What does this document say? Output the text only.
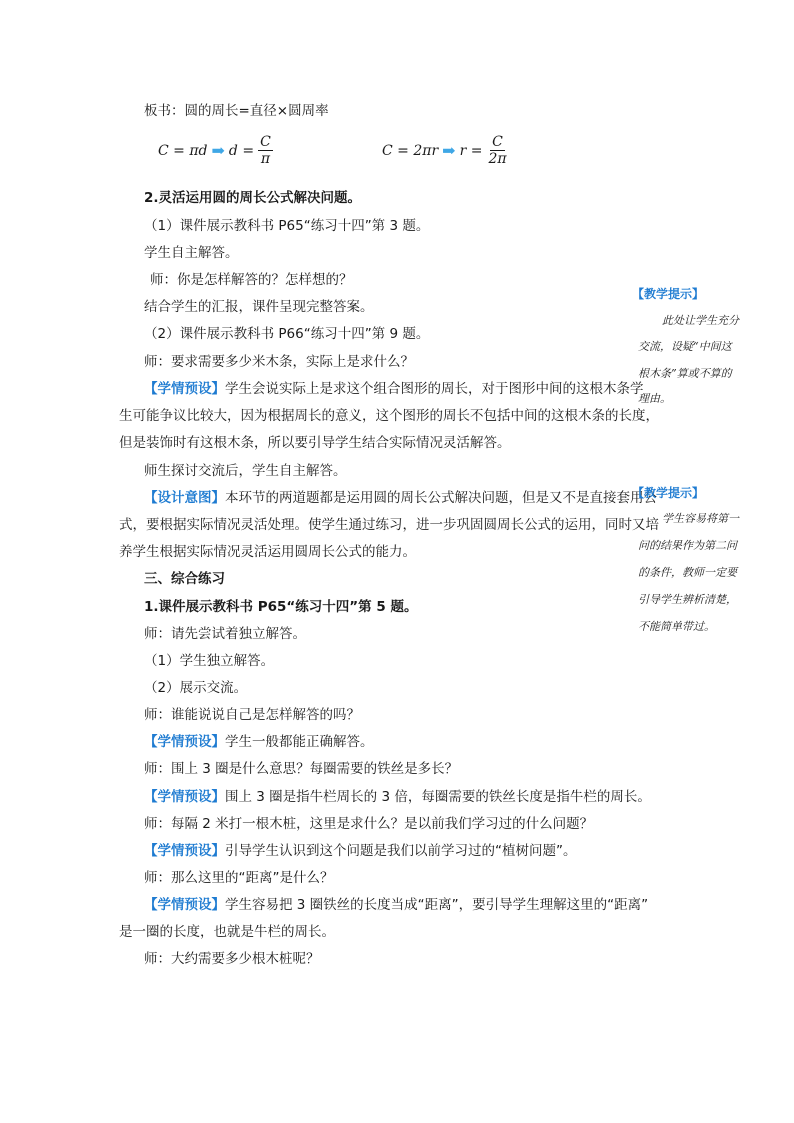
板书：圆的周长=直径×圆周率
C = πd ➡ $d = \frac{C}{\pi}$	C = 2πr ➡ $r = \frac{C}{2\pi}$
2.灵活运用圆的周长公式解决问题。
（1）课件展示教科书 P65“练习十四”第 3 题。
学生自主解答。
师：你是怎样解答的？怎样想的？
结合学生的汇报，课件呈现完整答案。
（2）课件展示教科书 P66“练习十四”第 9 题。
师：要求需要多少米木条，实际上是求什么？
【学情预设】学生会说实际上是求这个组合图形的周长，对于图形中间的这根木条学
生可能争议比较大，因为根据周长的意义，这个图形的周长不包括中间的这根木条的长度，
但是装饰时有这根木条，所以要引导学生结合实际情况灵活解答。
师生探讨交流后，学生自主解答。
【设计意图】本环节的两道题都是运用圆的周长公式解决问题，但是又不是直接套用公
式，要根据实际情况灵活处理。使学生通过练习，进一步巩固圆周长公式的运用，同时又培
养学生根据实际情况灵活运用圆周长公式的能力。
三、综合练习
1.课件展示教科书 P65“练习十四”第 5 题。
师：请先尝试着独立解答。
（1）学生独立解答。
（2）展示交流。
师：谁能说说自己是怎样解答的吗？
【学情预设】学生一般都能正确解答。
师：围上 3 圈是什么意思？每圈需要的铁丝是多长？
【学情预设】围上 3 圈是指牛栏周长的 3 倍，每圈需要的铁丝长度是指牛栏的周长。
师：每隔 2 米打一根木桩，这里是求什么？是以前我们学习过的什么问题？
【学情预设】引导学生认识到这个问题是我们以前学习过的“植树问题”。
师：那么这里的“距离”是什么？
【学情预设】学生容易把 3 圈铁丝的长度当成“距离”，要引导学生理解这里的“距离”
是一圈的长度，也就是牛栏的周长。
师：大约需要多少根木桩呢？
【教学提示】
此处让学生充分
交流，设疑“中间这
根木条”算或不算的
理由。
【教学提示】
学生容易将第一
问的结果作为第二问
的条件，教师一定要
引导学生辨析清楚，
不能简单带过。
